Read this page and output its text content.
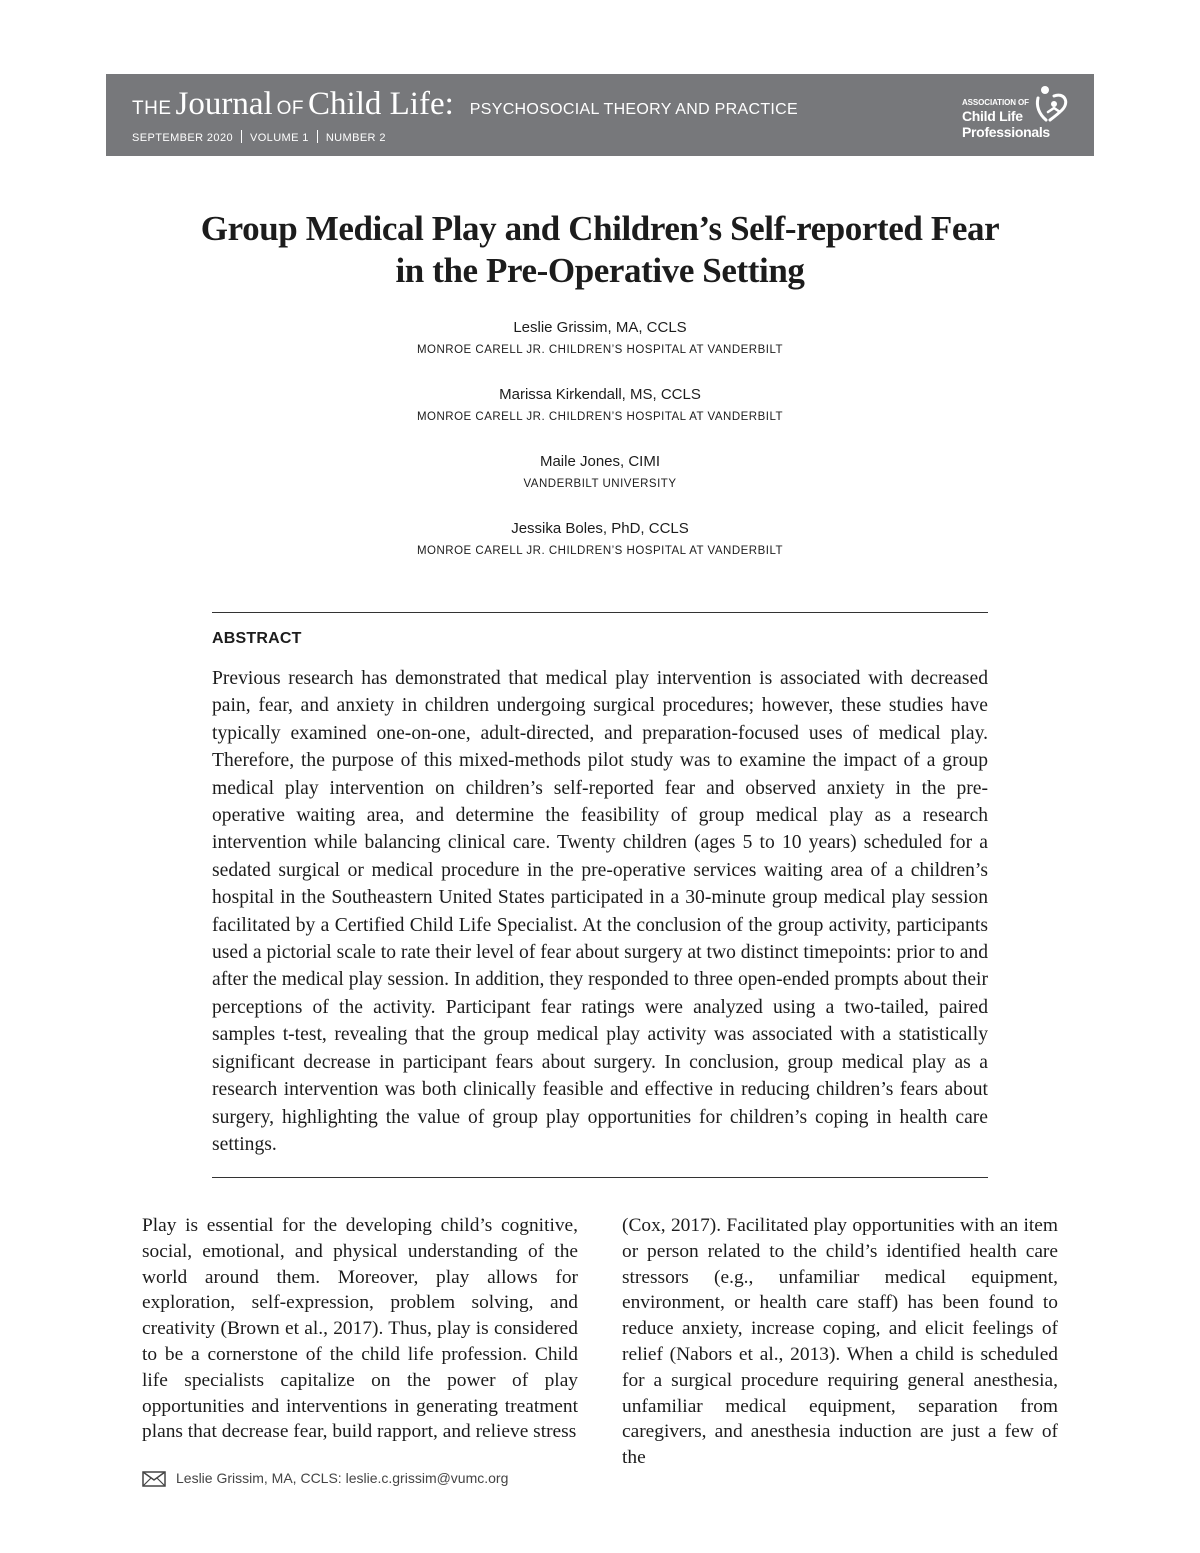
THE Journal OF Child Life: PSYCHOSOCIAL THEORY AND PRACTICE
SEPTEMBER 2020 VOLUME 1 NUMBER 2
ASSOCIATION OF
Child Life
Professionals
Group Medical Play and Children’s Self-reported Fear
in the Pre-Operative Setting
Leslie Grissim, MA, CCLS
MONROE CARELL JR. CHILDREN’S HOSPITAL AT VANDERBILT
Marissa Kirkendall, MS, CCLS
MONROE CARELL JR. CHILDREN’S HOSPITAL AT VANDERBILT
Maile Jones, CIMI
VANDERBILT UNIVERSITY
Jessika Boles, PhD, CCLS
MONROE CARELL JR. CHILDREN’S HOSPITAL AT VANDERBILT
ABSTRACT

Previous research has demonstrated that medical play intervention is associated with decreased pain, fear, and anxiety in children undergoing surgical procedures; however, these studies have typically examined one-on-one, adult-directed, and preparation-focused uses of medical play. Therefore, the purpose of this mixed-methods pilot study was to examine the impact of a group medical play intervention on children’s self-reported fear and observed anxiety in the pre-operative waiting area, and determine the feasibility of group medical play as a research intervention while balancing clinical care. Twenty children (ages 5 to 10 years) scheduled for a sedated surgical or medical procedure in the pre-operative services waiting area of a children’s hospital in the Southeastern United States participated in a 30-minute group medical play session facilitated by a Certified Child Life Specialist. At the conclusion of the group activity, participants used a pictorial scale to rate their level of fear about surgery at two distinct timepoints: prior to and after the medical play session. In addition, they responded to three open-ended prompts about their perceptions of the activity. Participant fear ratings were analyzed using a two-tailed, paired samples t-test, revealing that the group medical play activity was associated with a statistically significant decrease in participant fears about surgery. In conclusion, group medical play as a research intervention was both clinically feasible and effective in reducing children’s fears about surgery, highlighting the value of group play opportunities for children’s coping in health care settings.

Play is essential for the developing child’s cognitive, social, emotional, and physical understanding of the world around them. Moreover, play allows for exploration, self-expression, problem solving, and creativity (Brown et al., 2017). Thus, play is considered to be a cornerstone of the child life profession. Child life specialists capitalize on the power of play opportunities and interventions in generating treatment plans that decrease fear, build rapport, and relieve stress

(Cox, 2017). Facilitated play opportunities with an item or person related to the child’s identified health care stressors (e.g., unfamiliar medical equipment, environment, or health care staff) has been found to reduce anxiety, increase coping, and elicit feelings of relief (Nabors et al., 2013). When a child is scheduled for a surgical procedure requiring general anesthesia, unfamiliar medical equipment, separation from caregivers, and anesthesia induction are just a few of the

Leslie Grissim, MA, CCLS: leslie.c.grissim@vumc.org
